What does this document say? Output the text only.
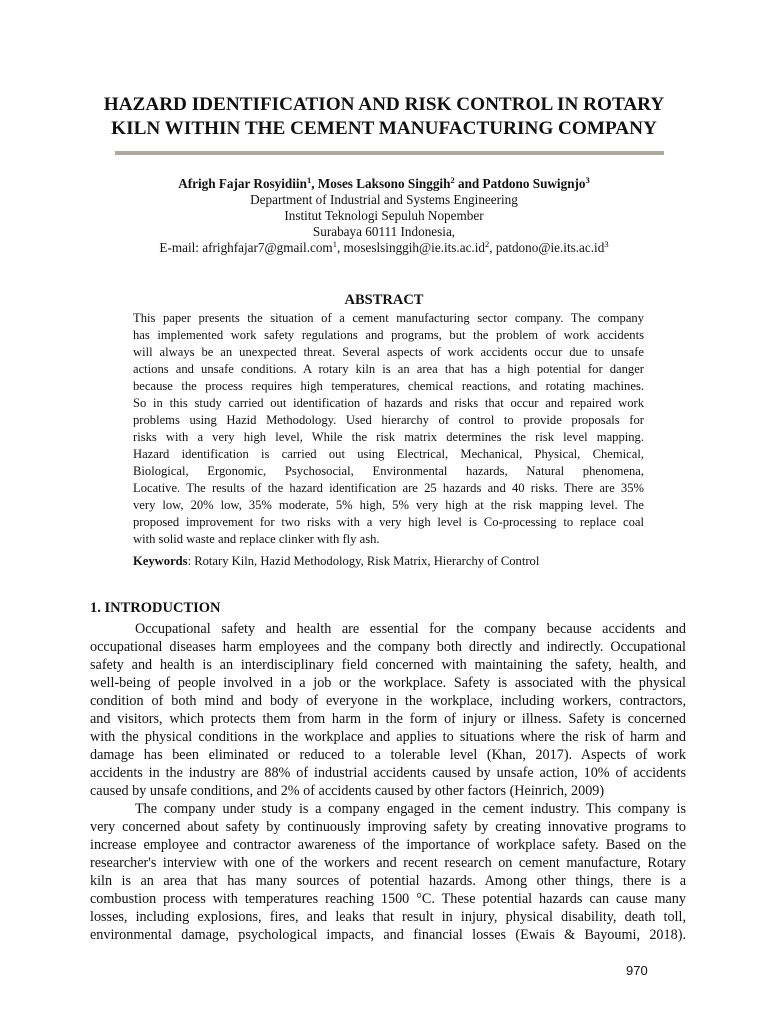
HAZARD IDENTIFICATION AND RISK CONTROL IN ROTARY
KILN WITHIN THE CEMENT MANUFACTURING COMPANY
Afrigh Fajar Rosyidiin$^1$, Moses Laksono Singgih$^2$ and Patdono Suwignjo$^3$
Department of Industrial and Systems Engineering
Institut Teknologi Sepuluh Nopember
Surabaya 60111 Indonesia,
E-mail: afrighfajar7@gmail.com$^1$, $moseslsinggih@ie.its.ac.id^2$, $patdono@ie.its.ac.id^3$
ABSTRACT
This paper presents the situation of a cement manufacturing sector company. The company
has implemented work safety regulations and programs, but the problem of work accidents
will always be an unexpected threat. Several aspects of work accidents occur due to unsafe
actions and unsafe conditions. A rotary kiln is an area that has a high potential for danger
because the process requires high temperatures, chemical reactions, and rotating machines.
So in this study carried out identification of hazards and risks that occur and repaired work
problems using Hazid Methodology. Used hierarchy of control to provide proposals for
risks with a very high level, While the risk matrix determines the risk level mapping.
Hazard identification is carried out using Electrical, Mechanical, Physical, Chemical,
Biological, Ergonomic, Psychosocial, Environmental hazards, Natural phenomena,
Locative. The results of the hazard identification are 25 hazards and 40 risks. There are 35%
very low, 20% low, 35% moderate, 5% high, 5% very high at the risk mapping level. The
proposed improvement for two risks with a very high level is Co-processing to replace coal
with solid waste and replace clinker with fly ash.
Keywords: Rotary Kiln, Hazid Methodology, Risk Matrix, Hierarchy of Control
1. INTRODUCTION
Occupational safety and health are essential for the company because accidents and
occupational diseases harm employees and the company both directly and indirectly. Occupational
safety and health is an interdisciplinary field concerned with maintaining the safety, health, and
well-being of people involved in a job or the workplace. Safety is associated with the physical
condition of both mind and body of everyone in the workplace, including workers, contractors,
and visitors, which protects them from harm in the form of injury or illness. Safety is concerned
with the physical conditions in the workplace and applies to situations where the risk of harm and
damage has been eliminated or reduced to a tolerable level (Khan, 2017). Aspects of work
accidents in the industry are 88% of industrial accidents caused by unsafe action, 10% of accidents
caused by unsafe conditions, and 2% of accidents caused by other factors (Heinrich, 2009)
The company under study is a company engaged in the cement industry. This company is
very concerned about safety by continuously improving safety by creating innovative programs to
increase employee and contractor awareness of the importance of workplace safety. Based on the
researcher's interview with one of the workers and recent research on cement manufacture, Rotary
kiln is an area that has many sources of potential hazards. Among other things, there is a
combustion process with temperatures reaching 1500 °C. These potential hazards can cause many
losses, including explosions, fires, and leaks that result in injury, physical disability, death toll,
environmental damage, psychological impacts, and financial losses (Ewais & Bayoumi, 2018).
970
